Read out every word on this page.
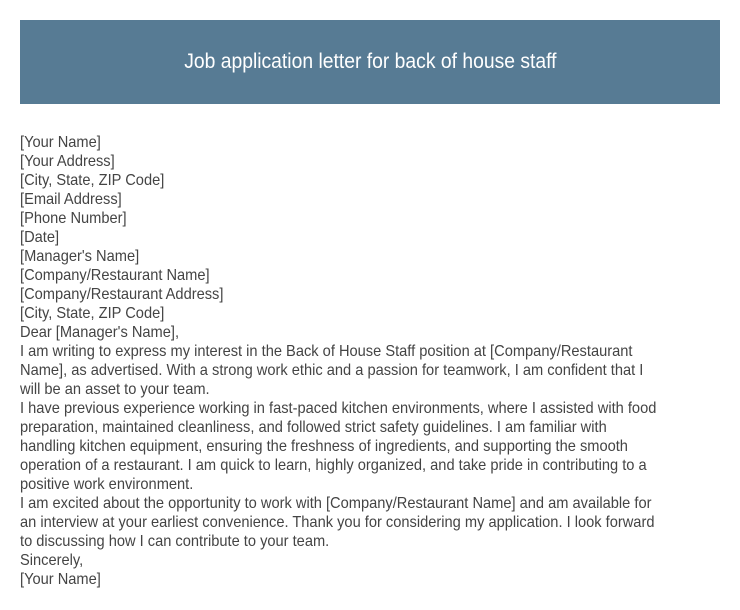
Job application letter for back of house staff
[Your Name]
[Your Address]
[City, State, ZIP Code]
[Email Address]
[Phone Number]
[Date]
[Manager's Name]
[Company/Restaurant Name]
[Company/Restaurant Address]
[City, State, ZIP Code]
Dear [Manager's Name],
I am writing to express my interest in the Back of House Staff position at [Company/Restaurant
Name], as advertised. With a strong work ethic and a passion for teamwork, I am confident that I
will be an asset to your team.
I have previous experience working in fast-paced kitchen environments, where I assisted with food
preparation, maintained cleanliness, and followed strict safety guidelines. I am familiar with
handling kitchen equipment, ensuring the freshness of ingredients, and supporting the smooth
operation of a restaurant. I am quick to learn, highly organized, and take pride in contributing to a
positive work environment.
I am excited about the opportunity to work with [Company/Restaurant Name] and am available for
an interview at your earliest convenience. Thank you for considering my application. I look forward
to discussing how I can contribute to your team.
Sincerely,
[Your Name]
